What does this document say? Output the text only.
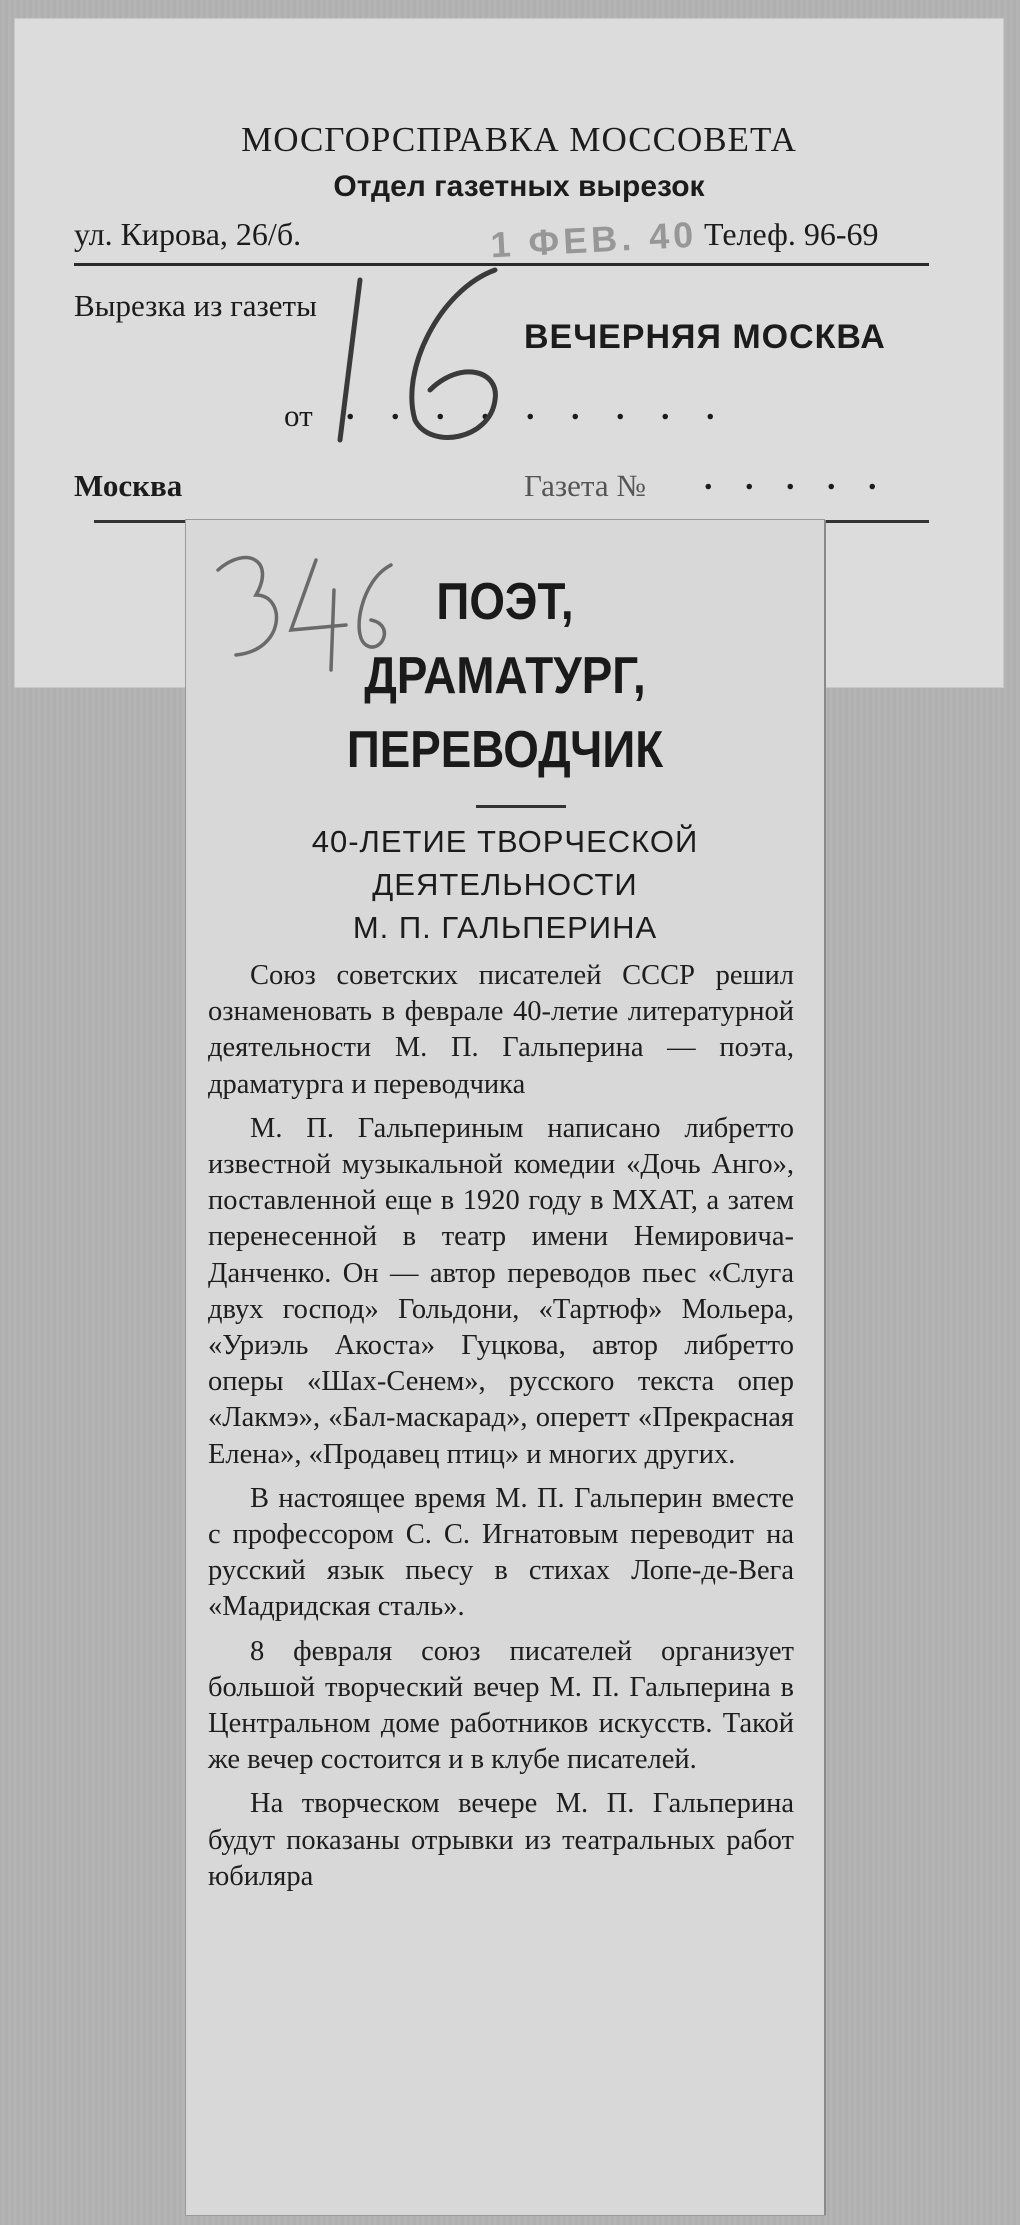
МОСГОРСПРАВКА МОССОВЕТА
Отдел газетных вырезок
ул. Кирова, 26/б.	Телеф. 96-69
Вырезка из газеты
ВЕЧЕРНЯЯ МОСКВА
от . . . . . . . . .
Москва	Газета № . . . . .
1 ФЕВ. 40
ПОЭТ,
ДРАМАТУРГ,
ПЕРЕВОДЧИК
40-ЛЕТИЕ ТВОРЧЕСКОЙ
ДЕЯТЕЛЬНОСТИ
М. П. ГАЛЬПЕРИНА

Союз советских писателей СССР решил ознаменовать в феврале 40-летие литературной деятельности М. П. Гальперина — поэта, драматурга и переводчика

М. П. Гальпериным написано либретто известной музыкальной комедии «Дочь Анго», поставленной еще в 1920 году в МХАТ, а затем перенесенной в театр имени Немировича-Данченко. Он — автор переводов пьес «Слуга двух господ» Гольдони, «Тартюф» Мольера, «Уриэль Акоста» Гуцкова, автор либретто оперы «Шах-Сенем», русского текста опер «Лакмэ», «Бал-маскарад», оперетт «Прекрасная Елена», «Продавец птиц» и многих других.

В настоящее время М. П. Гальперин вместе с профессором С. С. Игнатовым переводит на русский язык пьесу в стихах Лопе-де-Вега «Мадридская сталь».

8 февраля союз писателей организует большой творческий вечер М. П. Гальперина в Центральном доме работников искусств. Такой же вечер состоится и в клубе писателей.

На творческом вечере М. П. Гальперина будут показаны отрывки из театральных работ юбиляра
